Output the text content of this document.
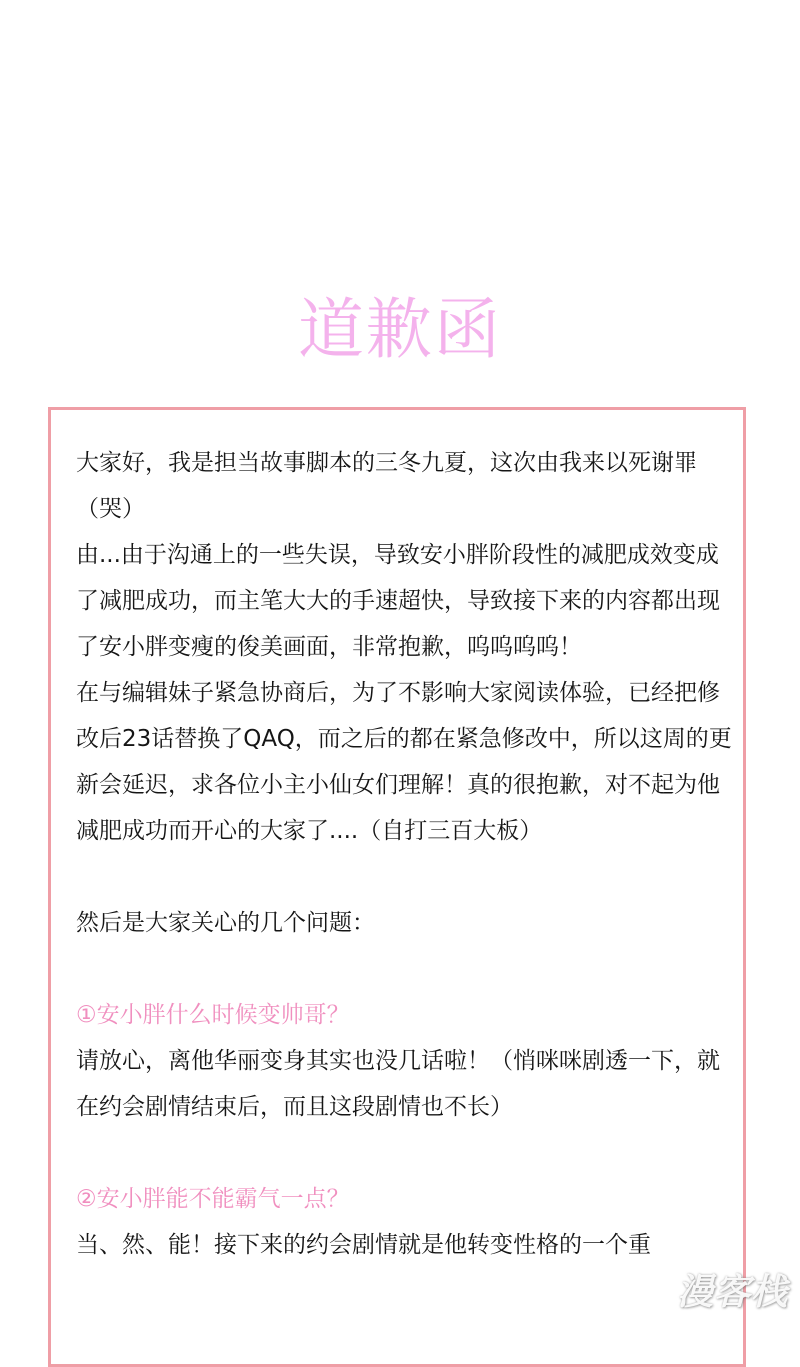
道歉函

大家好，我是担当故事脚本的三冬九夏，这次由我来以死谢罪（哭）

由...由于沟通上的一些失误，导致安小胖阶段性的减肥成效变成了减肥成功，而主笔大大的手速超快，导致接下来的内容都出现了安小胖变瘦的俊美画面，非常抱歉，呜呜呜呜！

在与编辑妹子紧急协商后，为了不影响大家阅读体验，已经把修改后23话替换了QAQ，而之后的都在紧急修改中，所以这周的更新会延迟，求各位小主小仙女们理解！真的很抱歉，对不起为他减肥成功而开心的大家了....（自打三百大板）

然后是大家关心的几个问题：

①安小胖什么时候变帅哥？

请放心，离他华丽变身其实也没几话啦！（悄咪咪剧透一下，就在约会剧情结束后，而且这段剧情也不长）

②安小胖能不能霸气一点？

当、然、能！接下来的约会剧情就是他转变性格的一个重

漫客栈
